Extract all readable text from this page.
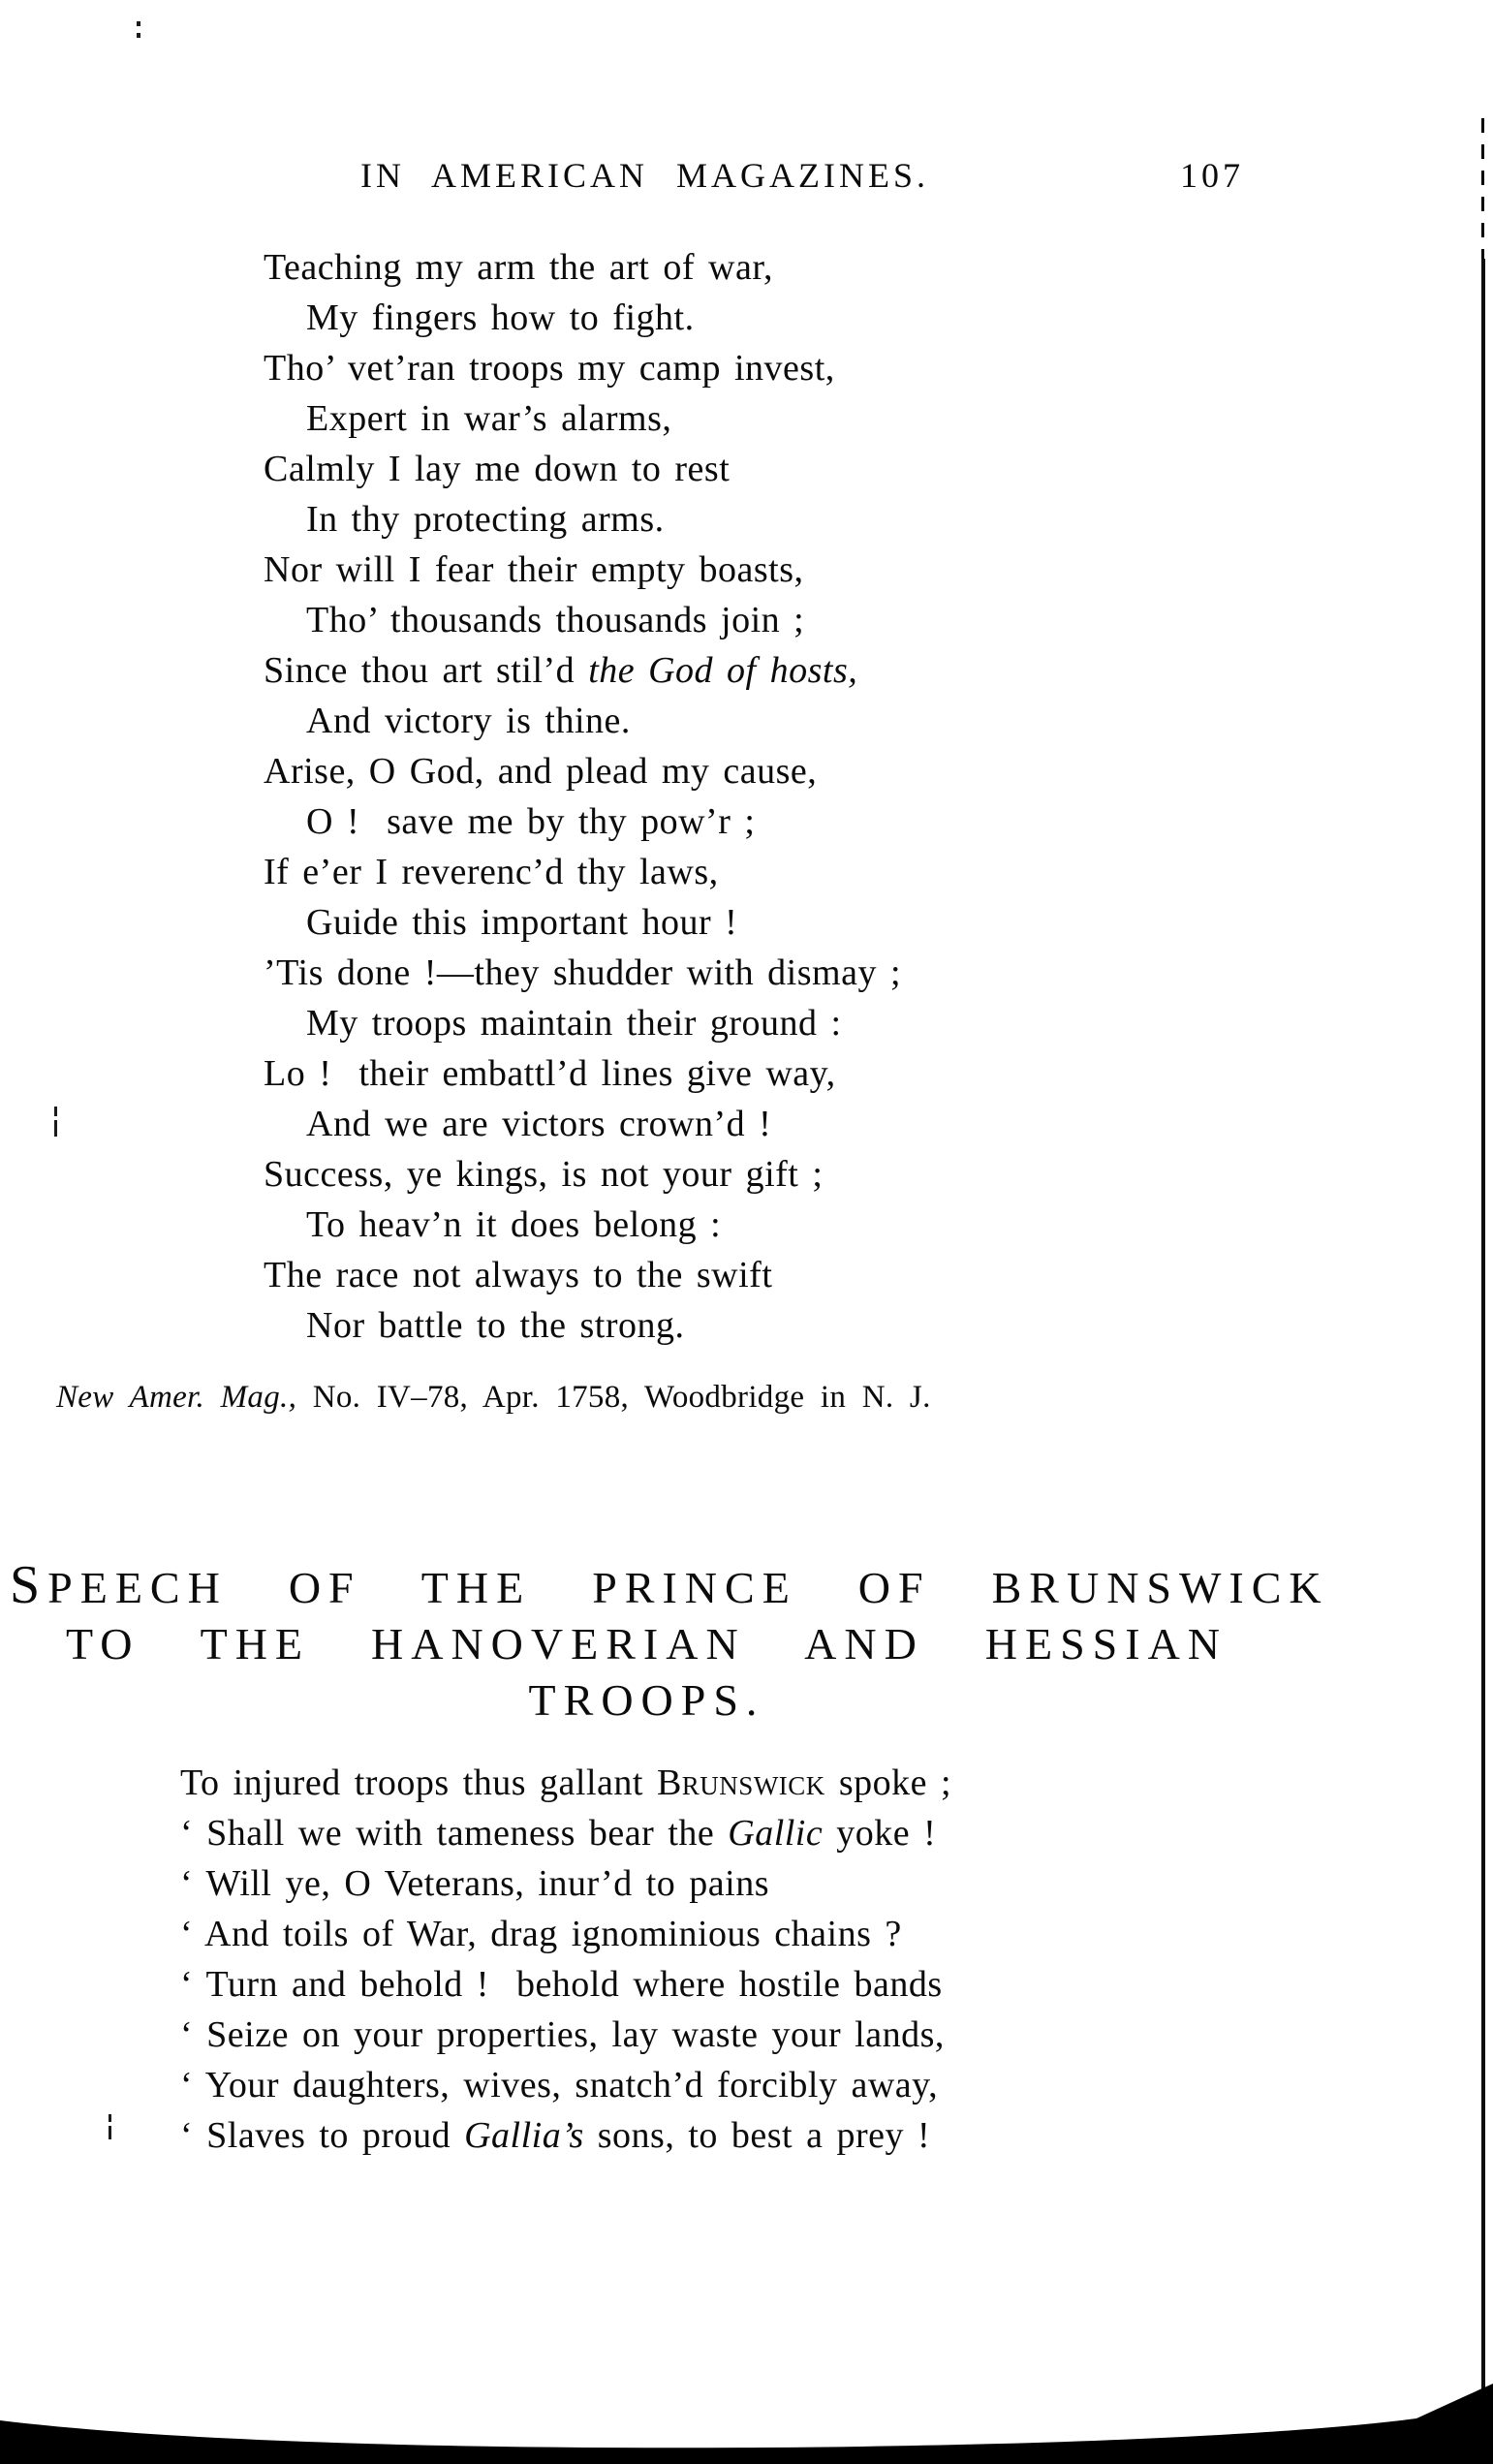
IN AMERICAN MAGAZINES.	107
Teaching my arm the art of war,
My fingers how to fight.
Tho’ vet’ran troops my camp invest,
Expert in war’s alarms,
Calmly I lay me down to rest
In thy protecting arms.
Nor will I fear their empty boasts,
Tho’ thousands thousands join ;
Since thou art stil’d the God of hosts,
And victory is thine.
Arise, O God, and plead my cause,
O !  save me by thy pow’r ;
If e’er I reverenc’d thy laws,
Guide this important hour !
’Tis done !—they shudder with dismay ;
My troops maintain their ground :
Lo !  their embattl’d lines give way,
And we are victors crown’d !
Success, ye kings, is not your gift ;
To heav’n it does belong :
The race not always to the swift
Nor battle to the strong.
New Amer. Mag., No. IV–78, Apr. 1758, Woodbridge in N. J.
SPEECH  OF  THE  PRINCE  OF  BRUNSWICK
TO  THE  HANOVERIAN  AND  HESSIAN
TROOPS.
To injured troops thus gallant Brunswick spoke ;
‘ Shall we with tameness bear the Gallic yoke !
‘ Will ye, O Veterans, inur’d to pains
‘ And toils of War, drag ignominious chains ?
‘ Turn and behold !  behold where hostile bands
‘ Seize on your properties, lay waste your lands,
‘ Your daughters, wives, snatch’d forcibly away,
‘ Slaves to proud Gallia’s sons, to best a prey !
